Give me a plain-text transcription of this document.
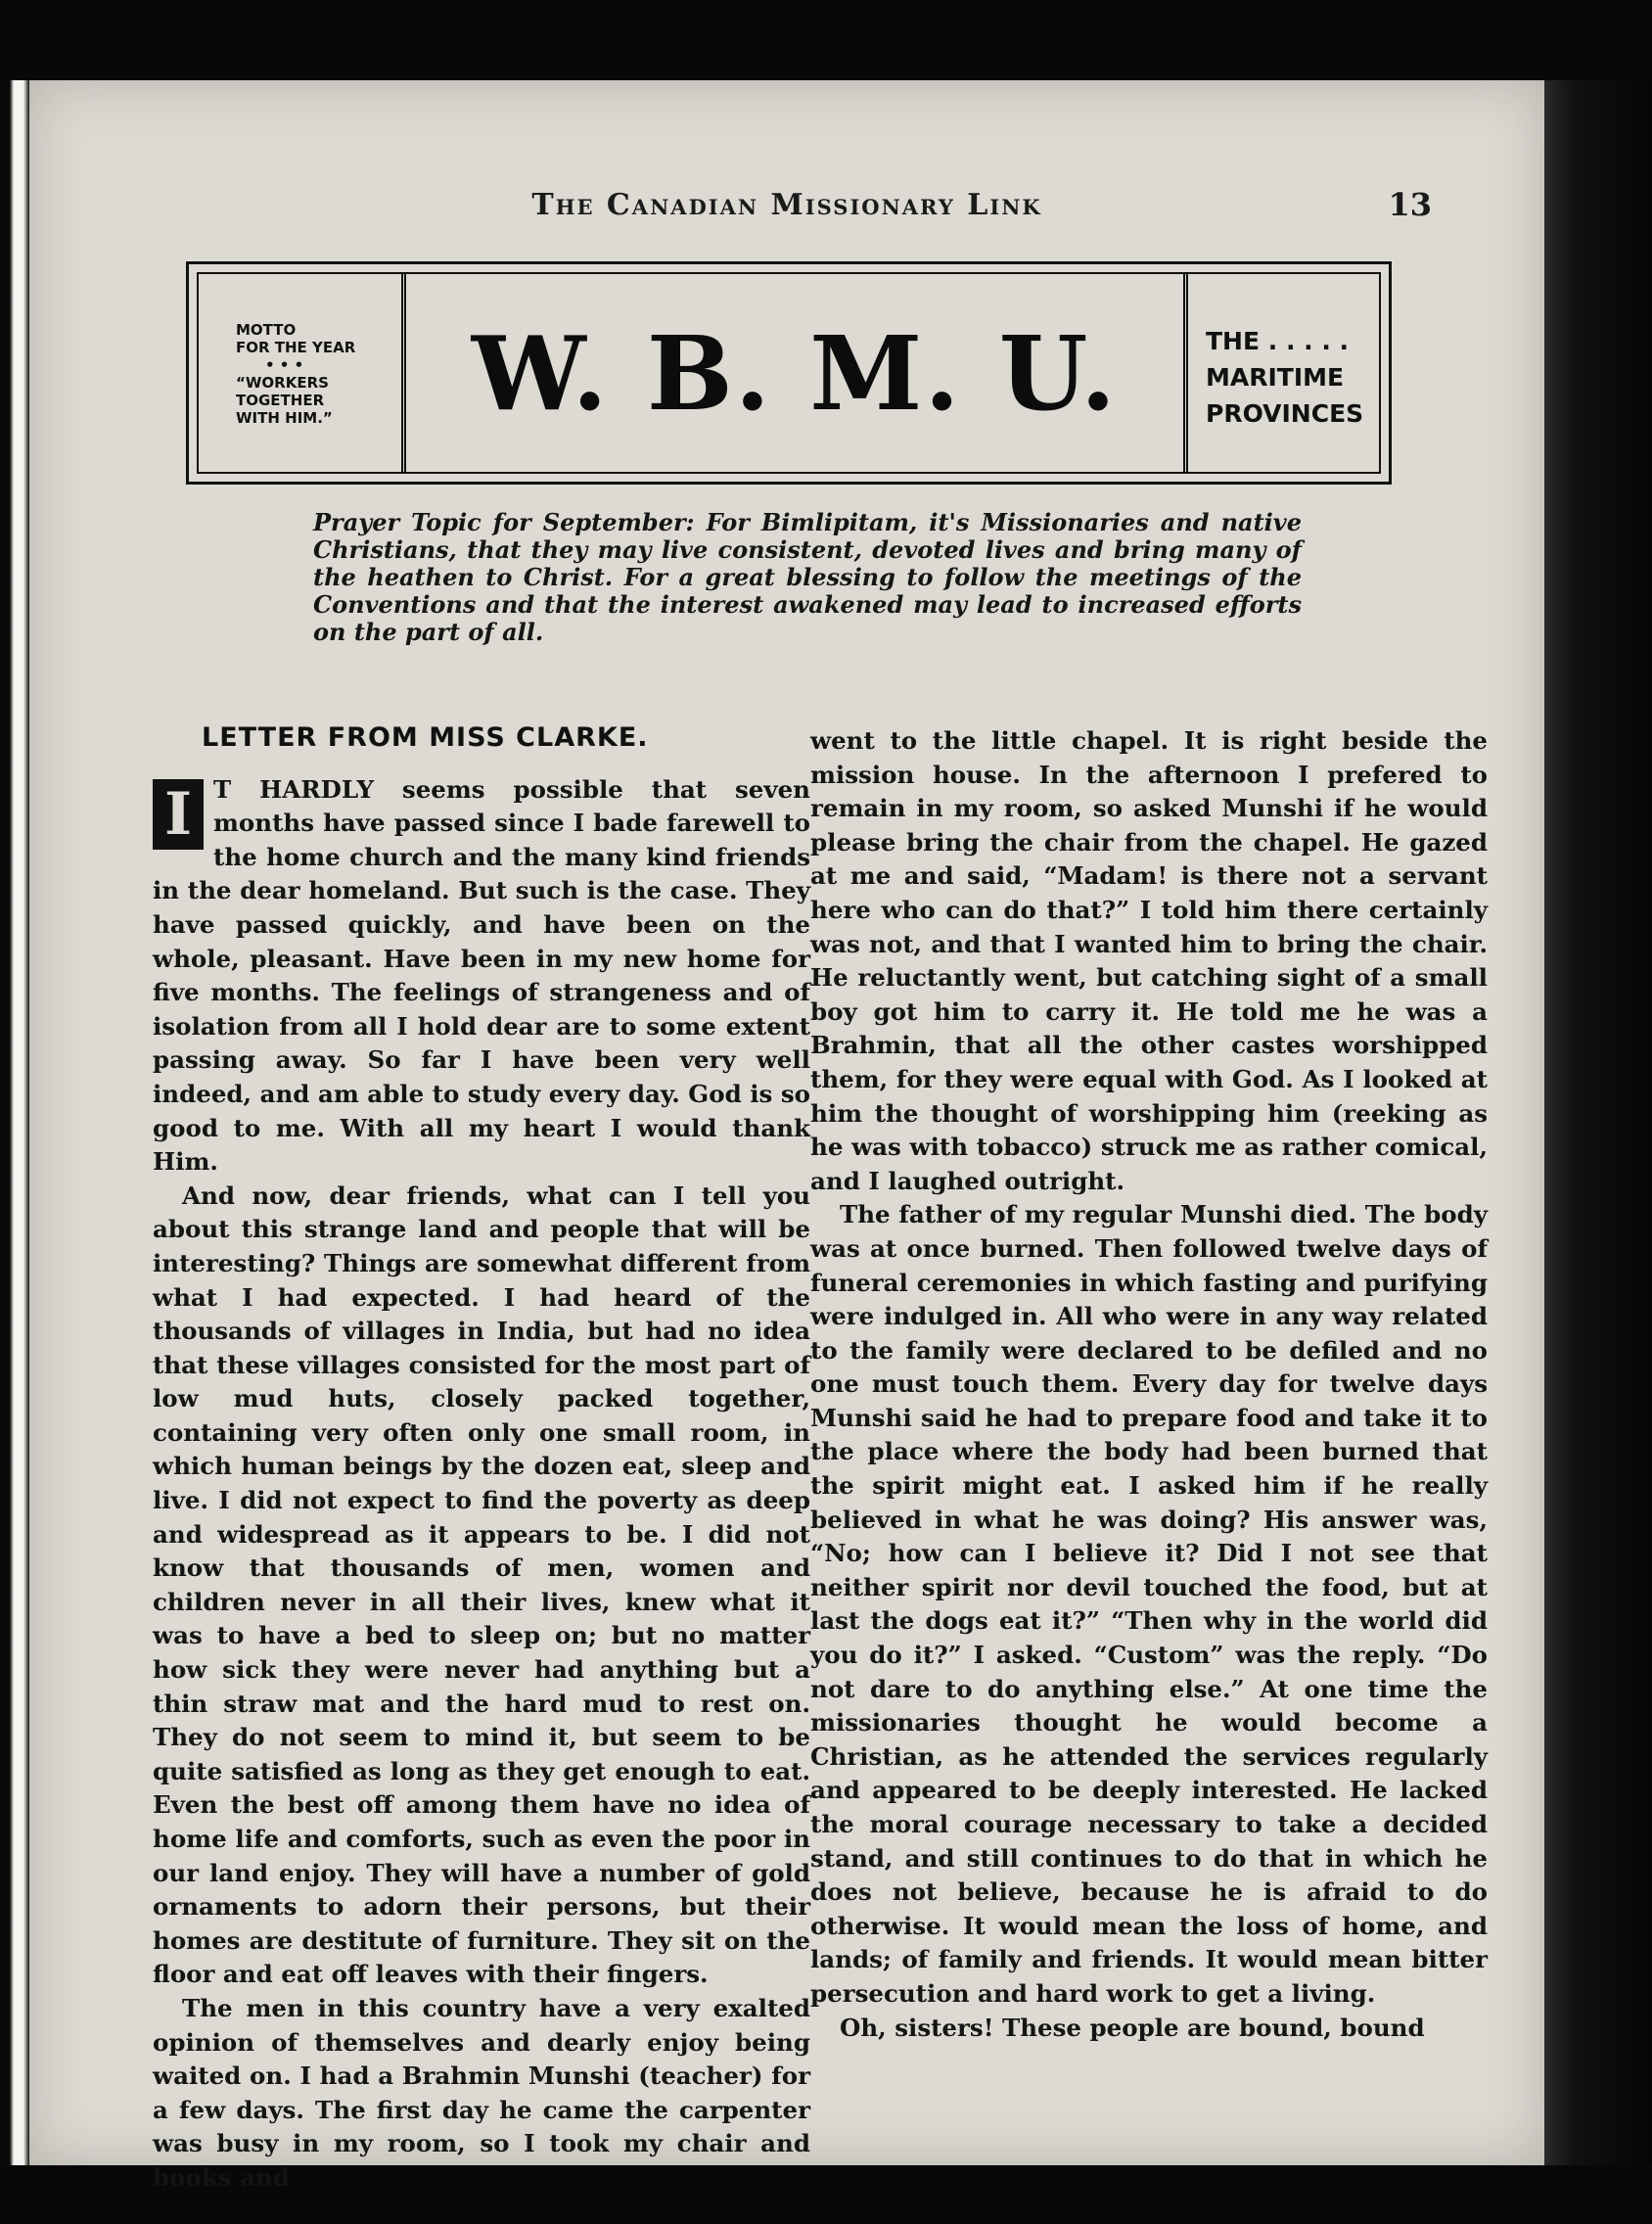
The Canadian Missionary Link	13
MOTTO
FOR THE YEAR
• • •
“WORKERS
TOGETHER
WITH HIM.”	W. B. M. U.	THE . . . . .
MARITIME
PROVINCES
Prayer Topic for September: For Bimlipitam, it's Missionaries and native Christians, that they may live consistent, devoted lives and bring many of the heathen to Christ. For a great blessing to follow the meetings of the Conventions and that the interest awakened may lead to increased efforts on the part of all.
LETTER FROM MISS CLARKE.

I T HARDLY seems possible that seven months have passed since I bade farewell to the home church and the many kind friends in the dear homeland. But such is the case. They have passed quickly, and have been on the whole, pleasant. Have been in my new home for five months. The feelings of strangeness and of isolation from all I hold dear are to some extent passing away. So far I have been very well indeed, and am able to study every day. God is so good to me. With all my heart I would thank Him.

And now, dear friends, what can I tell you about this strange land and people that will be interesting? Things are somewhat different from what I had expected. I had heard of the thousands of villages in India, but had no idea that these villages consisted for the most part of low mud huts, closely packed together, containing very often only one small room, in which human beings by the dozen eat, sleep and live. I did not expect to find the poverty as deep and widespread as it appears to be. I did not know that thousands of men, women and children never in all their lives, knew what it was to have a bed to sleep on; but no matter how sick they were never had anything but a thin straw mat and the hard mud to rest on. They do not seem to mind it, but seem to be quite satisfied as long as they get enough to eat. Even the best off among them have no idea of home life and comforts, such as even the poor in our land enjoy. They will have a number of gold ornaments to adorn their persons, but their homes are destitute of furniture. They sit on the floor and eat off leaves with their fingers.

The men in this country have a very exalted opinion of themselves and dearly enjoy being waited on. I had a Brahmin Munshi (teacher) for a few days. The first day he came the carpenter was busy in my room, so I took my chair and books and

went to the little chapel. It is right beside the mission house. In the afternoon I prefered to remain in my room, so asked Munshi if he would please bring the chair from the chapel. He gazed at me and said, “Madam! is there not a servant here who can do that?” I told him there certainly was not, and that I wanted him to bring the chair. He reluctantly went, but catching sight of a small boy got him to carry it. He told me he was a Brahmin, that all the other castes worshipped them, for they were equal with God. As I looked at him the thought of worshipping him (reeking as he was with tobacco) struck me as rather comical, and I laughed outright.

The father of my regular Munshi died. The body was at once burned. Then followed twelve days of funeral ceremonies in which fasting and purifying were indulged in. All who were in any way related to the family were declared to be defiled and no one must touch them. Every day for twelve days Munshi said he had to prepare food and take it to the place where the body had been burned that the spirit might eat. I asked him if he really believed in what he was doing? His answer was, “No; how can I believe it? Did I not see that neither spirit nor devil touched the food, but at last the dogs eat it?” “Then why in the world did you do it?” I asked. “Custom” was the reply. “Do not dare to do anything else.” At one time the missionaries thought he would become a Christian, as he attended the services regularly and appeared to be deeply interested. He lacked the moral courage necessary to take a decided stand, and still continues to do that in which he does not believe, because he is afraid to do otherwise. It would mean the loss of home, and lands; of family and friends. It would mean bitter persecution and hard work to get a living.

Oh, sisters! These people are bound, bound
